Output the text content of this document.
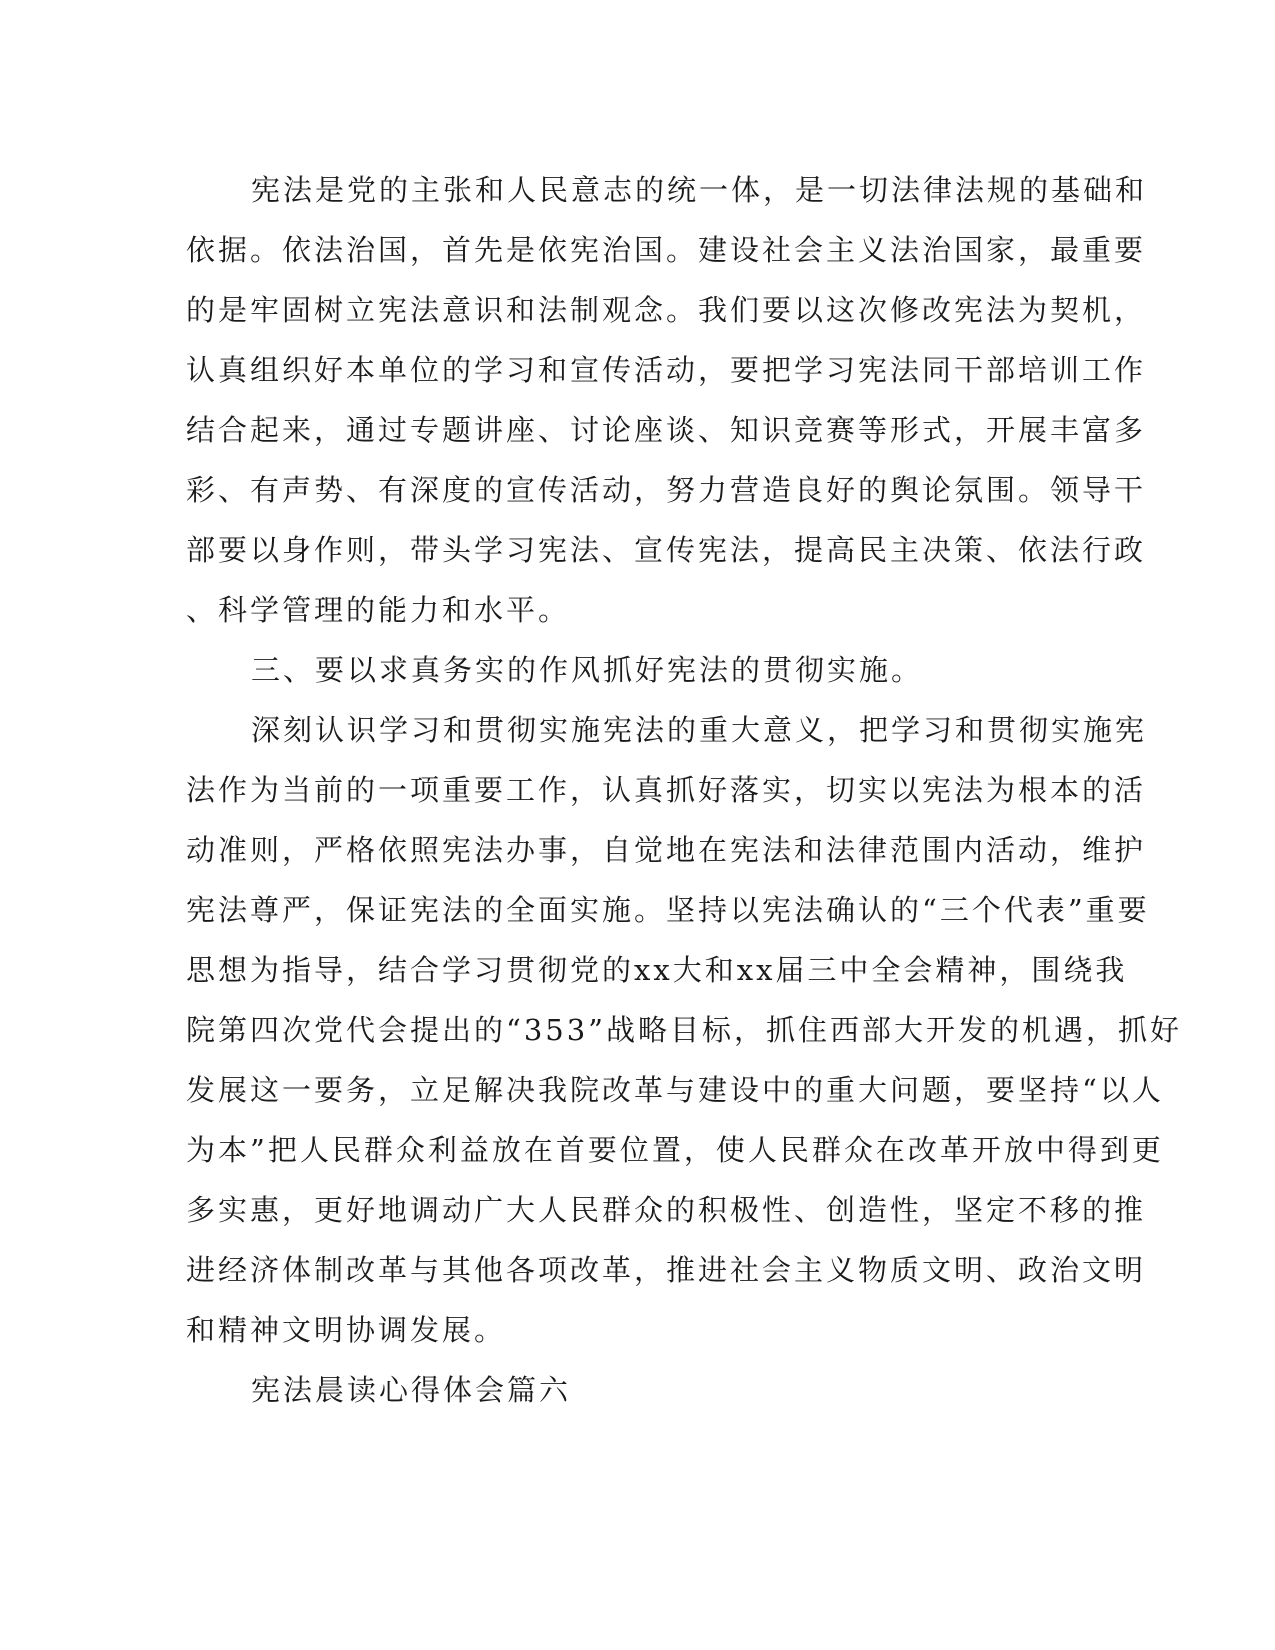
宪法是党的主张和人民意志的统一体，是一切法律法规的基础和
依据。依法治国，首先是依宪治国。建设社会主义法治国家，最重要
的是牢固树立宪法意识和法制观念。我们要以这次修改宪法为契机，
认真组织好本单位的学习和宣传活动，要把学习宪法同干部培训工作
结合起来，通过专题讲座、讨论座谈、知识竞赛等形式，开展丰富多
彩、有声势、有深度的宣传活动，努力营造良好的舆论氛围。领导干
部要以身作则，带头学习宪法、宣传宪法，提高民主决策、依法行政
、科学管理的能力和水平。
三、要以求真务实的作风抓好宪法的贯彻实施。
深刻认识学习和贯彻实施宪法的重大意义，把学习和贯彻实施宪
法作为当前的一项重要工作，认真抓好落实，切实以宪法为根本的活
动准则，严格依照宪法办事，自觉地在宪法和法律范围内活动，维护
宪法尊严，保证宪法的全面实施。坚持以宪法确认的“三个代表”重要
思想为指导，结合学习贯彻党的xx大和xx届三中全会精神，围绕我
院第四次党代会提出的“353”战略目标，抓住西部大开发的机遇，抓好
发展这一要务，立足解决我院改革与建设中的重大问题，要坚持“以人
为本”把人民群众利益放在首要位置，使人民群众在改革开放中得到更
多实惠，更好地调动广大人民群众的积极性、创造性，坚定不移的推
进经济体制改革与其他各项改革，推进社会主义物质文明、政治文明
和精神文明协调发展。
宪法晨读心得体会篇六
